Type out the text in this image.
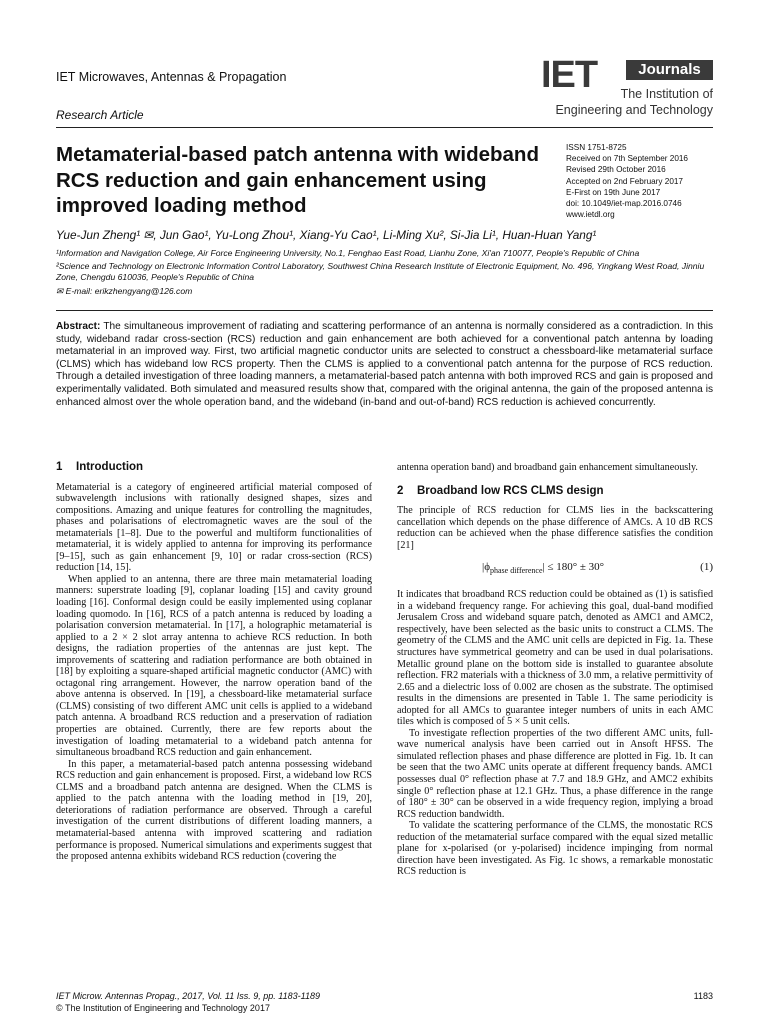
IET Microwaves, Antennas & Propagation
Research Article
IET	Journals
The Institution of
Engineering and Technology
Metamaterial-based patch antenna with wideband RCS reduction and gain enhancement using improved loading method
ISSN 1751-8725
Received on 7th September 2016
Revised 29th October 2016
Accepted on 2nd February 2017
E-First on 19th June 2017
doi: 10.1049/iet-map.2016.0746
www.ietdl.org
Yue-Jun Zheng¹ ✉, Jun Gao¹, Yu-Long Zhou¹, Xiang-Yu Cao¹, Li-Ming Xu², Si-Jia Li¹, Huan-Huan Yang¹

¹Information and Navigation College, Air Force Engineering University, No.1, Fenghao East Road, Lianhu Zone, Xi'an 710077, People's Republic of China

²Science and Technology on Electronic Information Control Laboratory, Southwest China Research Institute of Electronic Equipment, No. 496, Yingkang West Road, Jinniu Zone, Chengdu 610036, People's Republic of China

✉ E-mail: erikzhengyang@126.com

Abstract: The simultaneous improvement of radiating and scattering performance of an antenna is normally considered as a contradiction. In this study, wideband radar cross-section (RCS) reduction and gain enhancement are both achieved for a conventional patch antenna by loading metamaterial in an improved way. First, two artificial magnetic conductor units are selected to construct a chessboard-like metamaterial surface (CLMS) which has wideband low RCS property. Then the CLMS is applied to a conventional patch antenna for the purpose of RCS reduction. Through a detailed investigation of three loading manners, a metamaterial-based patch antenna with both improved RCS and gain is proposed and experimentally validated. Both simulated and measured results show that, compared with the original antenna, the gain of the proposed antenna is enhanced almost over the whole operation band, and the wideband (in-band and out-of-band) RCS reduction is achieved concurrently.
1 Introduction

Metamaterial is a category of engineered artificial material composed of subwavelength inclusions with rationally designed shapes, sizes and compositions. Amazing and unique features for controlling the magnitudes, phases and polarisations of electromagnetic waves are the soul of the metamaterials [1–8]. Due to the powerful and multiform functionalities of metamaterial, it is widely applied to antenna for improving its performance [9–15], such as gain enhancement [9, 10] or radar cross-section (RCS) reduction [14, 15].

When applied to an antenna, there are three main metamaterial loading manners: superstrate loading [9], coplanar loading [15] and cavity ground loading [16]. Conformal design could be easily implemented using coplanar loading quomodo. In [16], RCS of a patch antenna is reduced by loading a polarisation conversion metamaterial. In [17], a holographic metamaterial is applied to a 2 × 2 slot array antenna to achieve RCS reduction. In both designs, the radiation properties of the antennas are just kept. The improvements of scattering and radiation performance are both obtained in [18] by exploiting a square-shaped artificial magnetic conductor (AMC) with octagonal ring arrangement. However, the narrow operation band of the above antenna is observed. In [19], a chessboard-like metamaterial surface (CLMS) consisting of two different AMC unit cells is applied to a wideband patch antenna. A broadband RCS reduction and a preservation of radiation properties are obtained. Currently, there are few reports about the investigation of loading metamaterial to a wideband patch antenna for simultaneous broadband RCS reduction and gain enhancement.

In this paper, a metamaterial-based patch antenna possessing wideband RCS reduction and gain enhancement is proposed. First, a wideband low RCS CLMS and a broadband patch antenna are designed. When the CLMS is applied to the patch antenna with the loading method in [19, 20], deteriorations of radiation performance are observed. Through a careful investigation of the current distributions of different loading manners, a metamaterial-based antenna with improved scattering and radiation performance is proposed. Numerical simulations and experiments suggest that the proposed antenna exhibits wideband RCS reduction (covering the

antenna operation band) and broadband gain enhancement simultaneously.

2 Broadband low RCS CLMS design

The principle of RCS reduction for CLMS lies in the backscattering cancellation which depends on the phase difference of AMCs. A 10 dB RCS reduction can be achieved when the phase difference satisfies the condition [21]

$|\phi_{phase difference}| \le 180^\circ \pm 30^\circ$	(1)

It indicates that broadband RCS reduction could be obtained as (1) is satisfied in a wideband frequency range. For achieving this goal, dual-band modified Jerusalem Cross and wideband square patch, denoted as AMC1 and AMC2, respectively, have been selected as the basic units to construct a CLMS. The geometry of the CLMS and the AMC unit cells are depicted in Fig. 1a. These structures have symmetrical geometry and can be used in dual polarisations. Metallic ground plane on the bottom side is installed to guarantee absolute reflection. FR2 materials with a thickness of 3.0 mm, a relative permittivity of 2.65 and a dielectric loss of 0.002 are chosen as the substrate. The optimised results in the dimensions are presented in Table 1. The same periodicity is adopted for all AMCs to guarantee integer numbers of units in each AMC tiles which is composed of 5 × 5 unit cells.

To investigate reflection properties of the two different AMC units, full-wave numerical analysis have been carried out in Ansoft HFSS. The simulated reflection phases and phase difference are plotted in Fig. 1b. It can be seen that the two AMC units operate at different frequency bands. AMC1 possesses dual 0° reflection phase at 7.7 and 18.9 GHz, and AMC2 exhibits single 0° reflection phase at 12.1 GHz. Thus, a phase difference in the range of 180° ± 30° can be observed in a wide frequency region, implying a broad RCS reduction bandwidth.

To validate the scattering performance of the CLMS, the monostatic RCS reduction of the metamaterial surface compared with the equal sized metallic plane for x-polarised (or y-polarised) incidence impinging from normal direction have been investigated. As Fig. 1c shows, a remarkable monostatic RCS reduction is

IET Microw. Antennas Propag., 2017, Vol. 11 Iss. 9, pp. 1183-1189
© The Institution of Engineering and Technology 2017
1183
